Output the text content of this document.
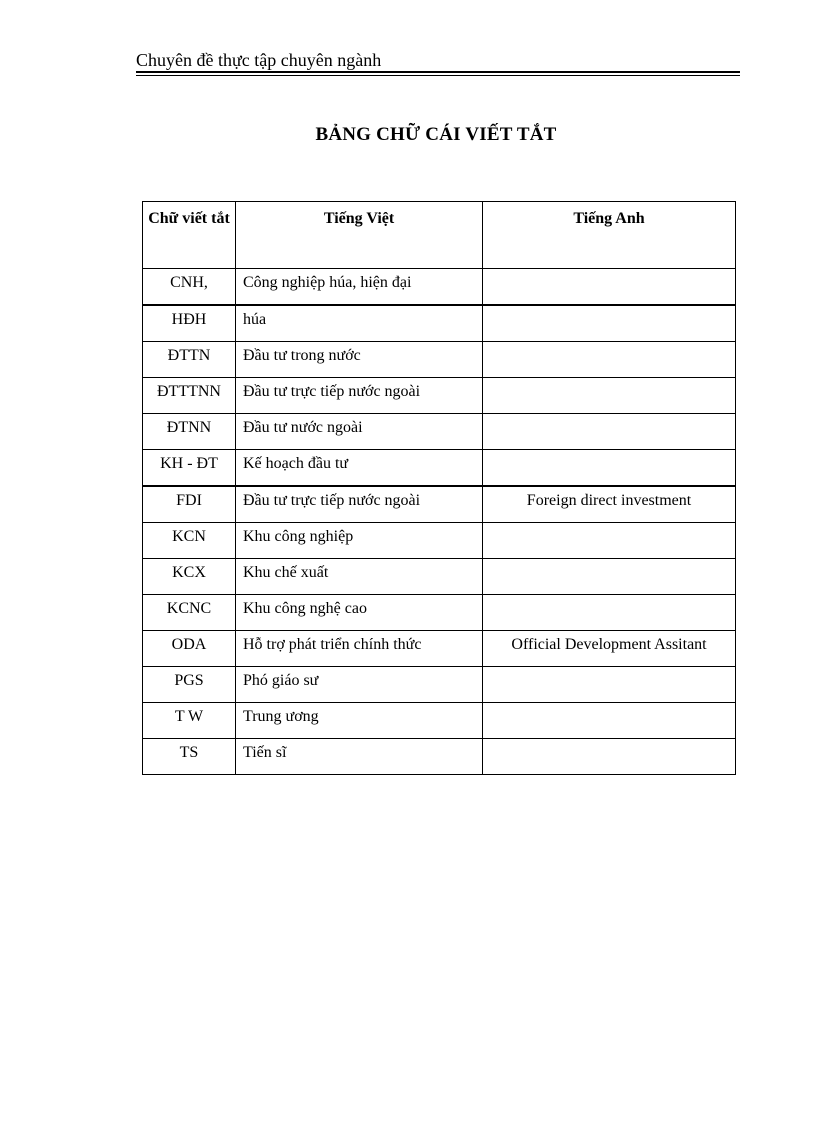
Chuyên đề thực tập chuyên ngành
BẢNG CHỮ CÁI VIẾT TẮT
Chữ viết tắt	Tiếng Việt	Tiếng Anh
CNH,	Công nghiệp húa, hiện đại	
HĐH	húa	
ĐTTN	Đầu tư trong nước	
ĐTTTNN	Đầu tư trực tiếp nước ngoài	
ĐTNN	Đầu tư nước ngoài	
KH - ĐT	Kế hoạch đầu tư	
FDI	Đầu tư trực tiếp nước ngoài	Foreign direct investment
KCN	Khu công nghiệp	
KCX	Khu chế xuất	
KCNC	Khu công nghệ cao	
ODA	Hỗ trợ phát triển chính thức	Official Development Assitant
PGS	Phó giáo sư	
T W	Trung ương	
TS	Tiến sĩ	
